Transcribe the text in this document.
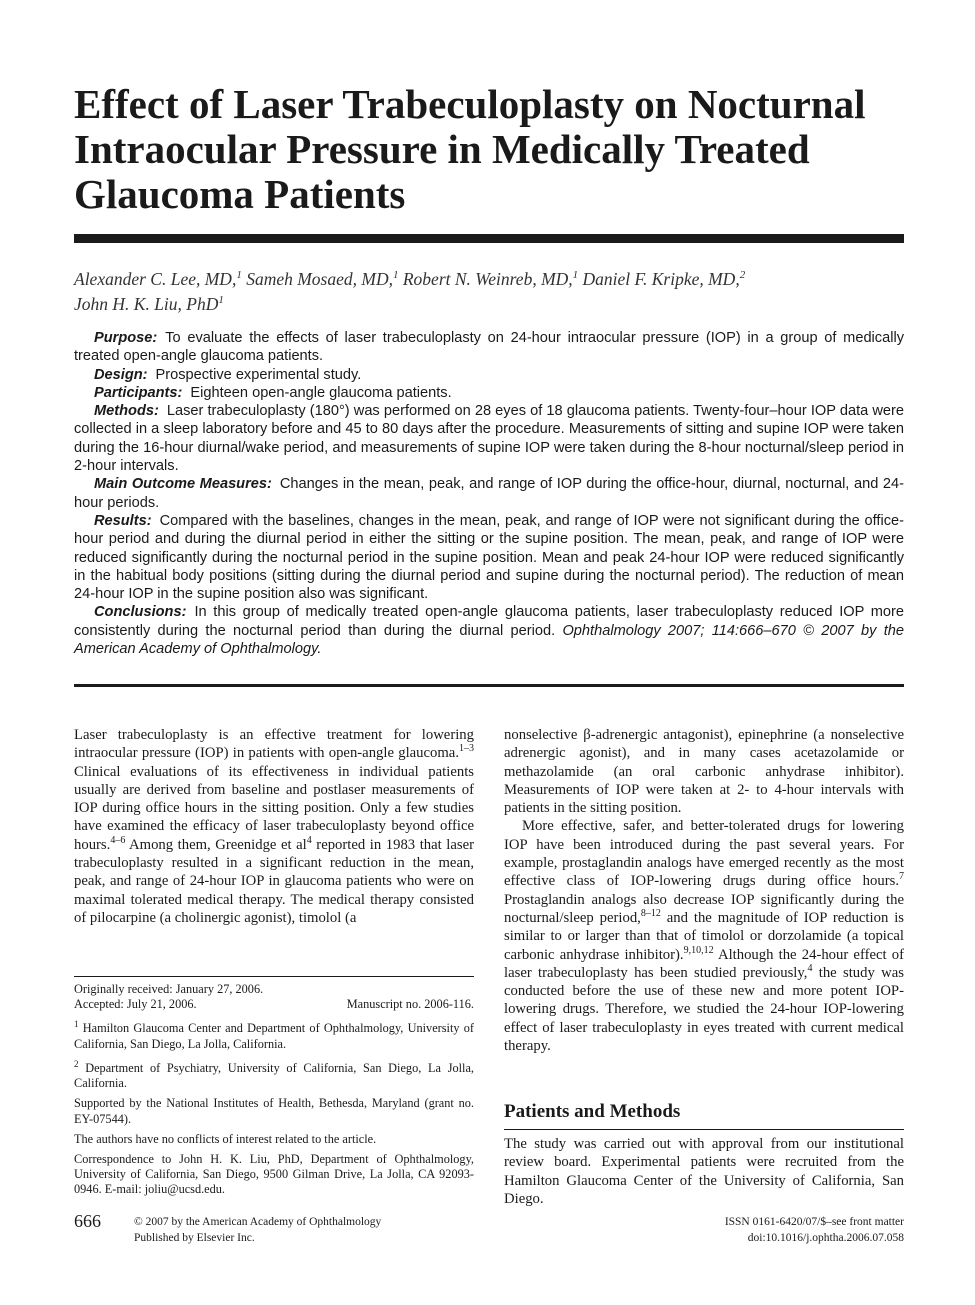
Effect of Laser Trabeculoplasty on Nocturnal Intraocular Pressure in Medically Treated Glaucoma Patients
Alexander C. Lee, MD,$^1$ Sameh Mosaed, MD,$^1$ Robert N. Weinreb, MD,$^1$ Daniel F. Kripke, MD,$^2$
John H. K. Liu, PhD$^1$

Purpose: To evaluate the effects of laser trabeculoplasty on 24-hour intraocular pressure (IOP) in a group of medically treated open-angle glaucoma patients.

Design: Prospective experimental study.

Participants: Eighteen open-angle glaucoma patients.

Methods: Laser trabeculoplasty (180°) was performed on 28 eyes of 18 glaucoma patients. Twenty-four–hour IOP data were collected in a sleep laboratory before and 45 to 80 days after the procedure. Measurements of sitting and supine IOP were taken during the 16-hour diurnal/wake period, and measurements of supine IOP were taken during the 8-hour nocturnal/sleep period in 2-hour intervals.

Main Outcome Measures: Changes in the mean, peak, and range of IOP during the office-hour, diurnal, nocturnal, and 24-hour periods.

Results: Compared with the baselines, changes in the mean, peak, and range of IOP were not significant during the office-hour period and during the diurnal period in either the sitting or the supine position. The mean, peak, and range of IOP were reduced significantly during the nocturnal period in the supine position. Mean and peak 24-hour IOP were reduced significantly in the habitual body positions (sitting during the diurnal period and supine during the nocturnal period). The reduction of mean 24-hour IOP in the supine position also was significant.

Conclusions: In this group of medically treated open-angle glaucoma patients, laser trabeculoplasty reduced IOP more consistently during the nocturnal period than during the diurnal period. Ophthalmology 2007; 114:666–670 © 2007 by the American Academy of Ophthalmology.

Laser trabeculoplasty is an effective treatment for lowering intraocular pressure (IOP) in patients with open-angle glaucoma.$^{1-3}$ Clinical evaluations of its effectiveness in individual patients usually are derived from baseline and postlaser measurements of IOP during office hours in the sitting position. Only a few studies have examined the efficacy of laser trabeculoplasty beyond office hours.$^{4-6}$ Among them, Greenidge et $al^4$ reported in 1983 that laser trabeculoplasty resulted in a significant reduction in the mean, peak, and range of 24-hour IOP in glaucoma patients who were on maximal tolerated medical therapy. The medical therapy consisted of pilocarpine (a cholinergic agonist), timolol (a

Originally received: January 27, 2006.

Accepted: July 21, 2006.	Manuscript no. 2006-116.

$^1$ Hamilton Glaucoma Center and Department of Ophthalmology, University of California, San Diego, La Jolla, California.

$^2$ Department of Psychiatry, University of California, San Diego, La Jolla, California.

Supported by the National Institutes of Health, Bethesda, Maryland (grant no. EY-07544).

The authors have no conflicts of interest related to the article.

Correspondence to John H. K. Liu, PhD, Department of Ophthalmology, University of California, San Diego, 9500 Gilman Drive, La Jolla, CA 92093-0946. E-mail: joliu@ucsd.edu.

nonselective β-adrenergic antagonist), epinephrine (a nonselective adrenergic agonist), and in many cases acetazolamide or methazolamide (an oral carbonic anhydrase inhibitor). Measurements of IOP were taken at 2- to 4-hour intervals with patients in the sitting position.

More effective, safer, and better-tolerated drugs for lowering IOP have been introduced during the past several years. For example, prostaglandin analogs have emerged recently as the most effective class of IOP-lowering drugs during office hours.$^7$ Prostaglandin analogs also decrease IOP significantly during the nocturnal/sleep period,$^{8-12}$ and the magnitude of IOP reduction is similar to or larger than that of timolol or dorzolamide (a topical carbonic anhydrase inhibitor).$^{9,10,12}$ Although the 24-hour effect of laser trabeculoplasty has been studied previously,$^4$ the study was conducted before the use of these new and more potent IOP-lowering drugs. Therefore, we studied the 24-hour IOP-lowering effect of laser trabeculoplasty in eyes treated with current medical therapy.

Patients and Methods

The study was carried out with approval from our institutional review board. Experimental patients were recruited from the Hamilton Glaucoma Center of the University of California, San Diego.

666	© 2007 by the American Academy of Ophthalmology
Published by Elsevier Inc.
ISSN 0161-6420/07/$–see front matter
doi:10.1016/j.ophtha.2006.07.058
